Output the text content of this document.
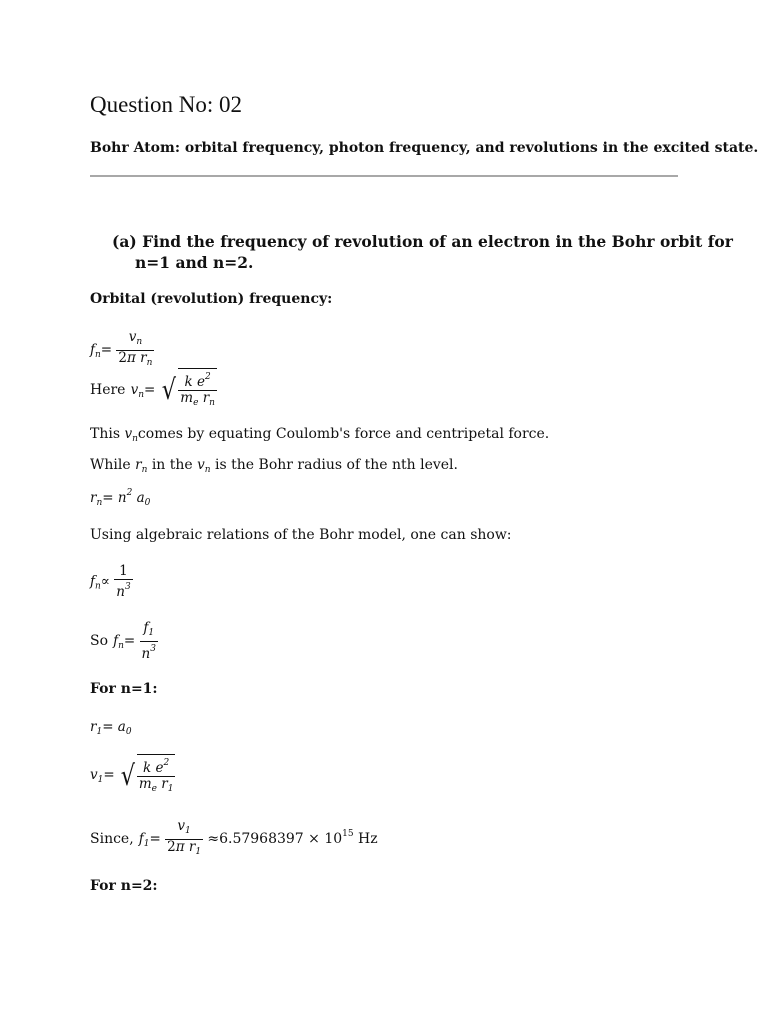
Question No: 02
Bohr Atom: orbital frequency, photon frequency, and revolutions in the excited state.
(a) Find the frequency of revolution of an electron in the Bohr orbit for
n=1 and n=2.
Orbital (revolution) frequency:
$f_n= \frac{v_n}{2\pi r_n}$
Here $v_n=$ √ $\frac{k e^2}{m_e r_n}$
This $v_ncomes$ by equating Coulomb's force and centripetal force.
While $r_n$ in the $v_n$ is the Bohr radius of the nth level.
$r_n= n^2$ $a_0$
Using algebraic relations of the Bohr model, one can show:
$f_n\propto \frac{1}{n^3}$
So $f_n= \frac{f_1}{n^3}$
For n=1:
$r_1= a_0$
$v_1=$ √ $\frac{k e^2}{m_e r_1}$
Since, $f_1= \frac{v_1}{2\pi r_1} \approx 6.57968397 \times 10^{15}$ Hz
For n=2:
